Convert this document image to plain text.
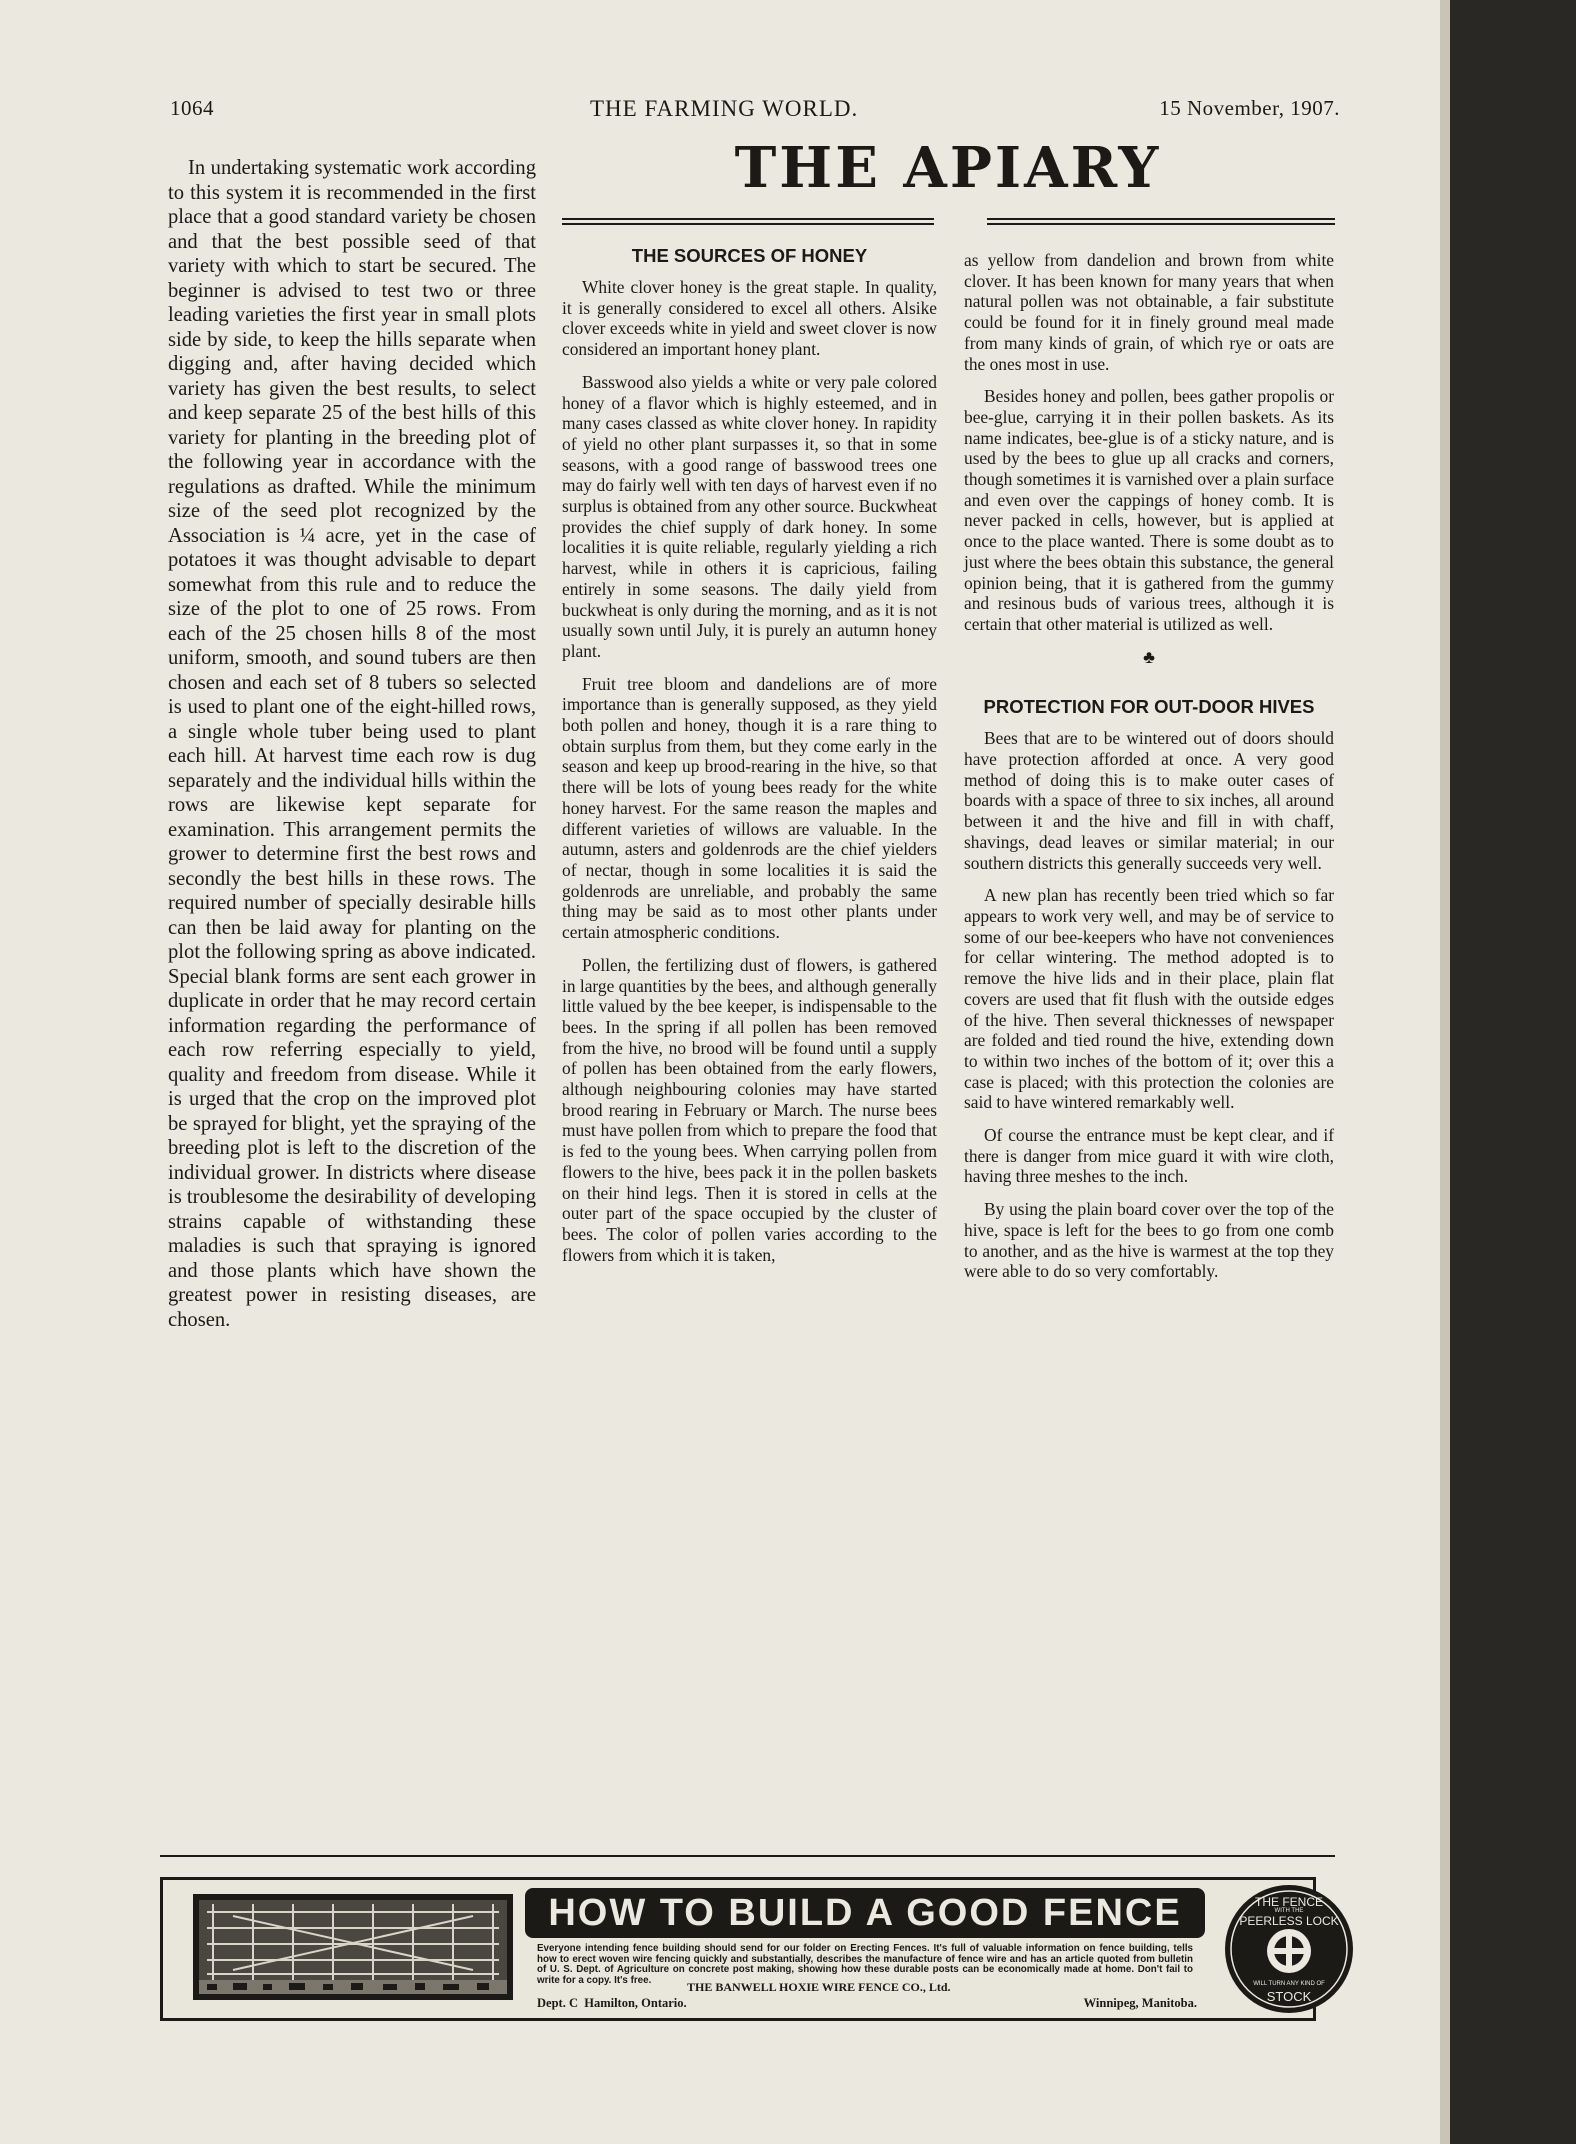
1064	THE FARMING WORLD.	15 November, 1907.

In undertaking systematic work according to this system it is recommended in the first place that a good standard variety be chosen and that the best possible seed of that variety with which to start be secured. The beginner is advised to test two or three leading varieties the first year in small plots side by side, to keep the hills separate when digging and, after having decided which variety has given the best results, to select and keep separate 25 of the best hills of this variety for planting in the breeding plot of the following year in accordance with the regulations as drafted. While the minimum size of the seed plot recognized by the Association is ¼ acre, yet in the case of potatoes it was thought advisable to depart somewhat from this rule and to reduce the size of the plot to one of 25 rows. From each of the 25 chosen hills 8 of the most uniform, smooth, and sound tubers are then chosen and each set of 8 tubers so selected is used to plant one of the eight-hilled rows, a single whole tuber being used to plant each hill. At harvest time each row is dug separately and the individual hills within the rows are likewise kept separate for examination. This arrangement permits the grower to determine first the best rows and secondly the best hills in these rows. The required number of specially desirable hills can then be laid away for planting on the plot the following spring as above indicated. Special blank forms are sent each grower in duplicate in order that he may record certain information regarding the performance of each row referring especially to yield, quality and freedom from disease. While it is urged that the crop on the improved plot be sprayed for blight, yet the spraying of the breeding plot is left to the discretion of the individual grower. In districts where disease is troublesome the desirability of developing strains capable of withstanding these maladies is such that spraying is ignored and those plants which have shown the greatest power in resisting diseases, are chosen.

THE APIARY
THE SOURCES OF HONEY

White clover honey is the great staple. In quality, it is generally considered to excel all others. Alsike clover exceeds white in yield and sweet clover is now considered an important honey plant.

Basswood also yields a white or very pale colored honey of a flavor which is highly esteemed, and in many cases classed as white clover honey. In rapidity of yield no other plant surpasses it, so that in some seasons, with a good range of basswood trees one may do fairly well with ten days of harvest even if no surplus is obtained from any other source. Buckwheat provides the chief supply of dark honey. In some localities it is quite reliable, regularly yielding a rich harvest, while in others it is capricious, failing entirely in some seasons. The daily yield from buckwheat is only during the morning, and as it is not usually sown until July, it is purely an autumn honey plant.

Fruit tree bloom and dandelions are of more importance than is generally supposed, as they yield both pollen and honey, though it is a rare thing to obtain surplus from them, but they come early in the season and keep up brood-rearing in the hive, so that there will be lots of young bees ready for the white honey harvest. For the same reason the maples and different varieties of willows are valuable. In the autumn, asters and goldenrods are the chief yielders of nectar, though in some localities it is said the goldenrods are unreliable, and probably the same thing may be said as to most other plants under certain atmospheric conditions.

Pollen, the fertilizing dust of flowers, is gathered in large quantities by the bees, and although generally little valued by the bee keeper, is indispensable to the bees. In the spring if all pollen has been removed from the hive, no brood will be found until a supply of pollen has been obtained from the early flowers, although neighbouring colonies may have started brood rearing in February or March. The nurse bees must have pollen from which to prepare the food that is fed to the young bees. When carrying pollen from flowers to the hive, bees pack it in the pollen baskets on their hind legs. Then it is stored in cells at the outer part of the space occupied by the cluster of bees. The color of pollen varies according to the flowers from which it is taken,

as yellow from dandelion and brown from white clover. It has been known for many years that when natural pollen was not obtainable, a fair substitute could be found for it in finely ground meal made from many kinds of grain, of which rye or oats are the ones most in use.

Besides honey and pollen, bees gather propolis or bee-glue, carrying it in their pollen baskets. As its name indicates, bee-glue is of a sticky nature, and is used by the bees to glue up all cracks and corners, though sometimes it is varnished over a plain surface and even over the cappings of honey comb. It is never packed in cells, however, but is applied at once to the place wanted. There is some doubt as to just where the bees obtain this substance, the general opinion being, that it is gathered from the gummy and resinous buds of various trees, although it is certain that other material is utilized as well.

♣
PROTECTION FOR OUT-DOOR HIVES

Bees that are to be wintered out of doors should have protection afforded at once. A very good method of doing this is to make outer cases of boards with a space of three to six inches, all around between it and the hive and fill in with chaff, shavings, dead leaves or similar material; in our southern districts this generally succeeds very well.

A new plan has recently been tried which so far appears to work very well, and may be of service to some of our bee-keepers who have not conveniences for cellar wintering. The method adopted is to remove the hive lids and in their place, plain flat covers are used that fit flush with the outside edges of the hive. Then several thicknesses of newspaper are folded and tied round the hive, extending down to within two inches of the bottom of it; over this a case is placed; with this protection the colonies are said to have wintered remarkably well.

Of course the entrance must be kept clear, and if there is danger from mice guard it with wire cloth, having three meshes to the inch.

By using the plain board cover over the top of the hive, space is left for the bees to go from one comb to another, and as the hive is warmest at the top they were able to do so very comfortably.

HOW TO BUILD A GOOD FENCE
Everyone intending fence building should send for our folder on Erecting Fences. It's full of valuable information on fence building, tells how to erect woven wire fencing quickly and substantially, describes the manufacture of fence wire and has an article quoted from bulletin of U. S. Dept. of Agriculture on concrete post making, showing how these durable posts can be economically made at home. Don't fail to write for a copy. It's free.	THE BANWELL HOXIE WIRE FENCE CO., Ltd.
Dept. C Hamilton, Ontario.	Winnipeg, Manitoba.
THE FENCE
WITH THE
PEERLESS LOCK
WILL TURN ANY KIND OF
STOCK
